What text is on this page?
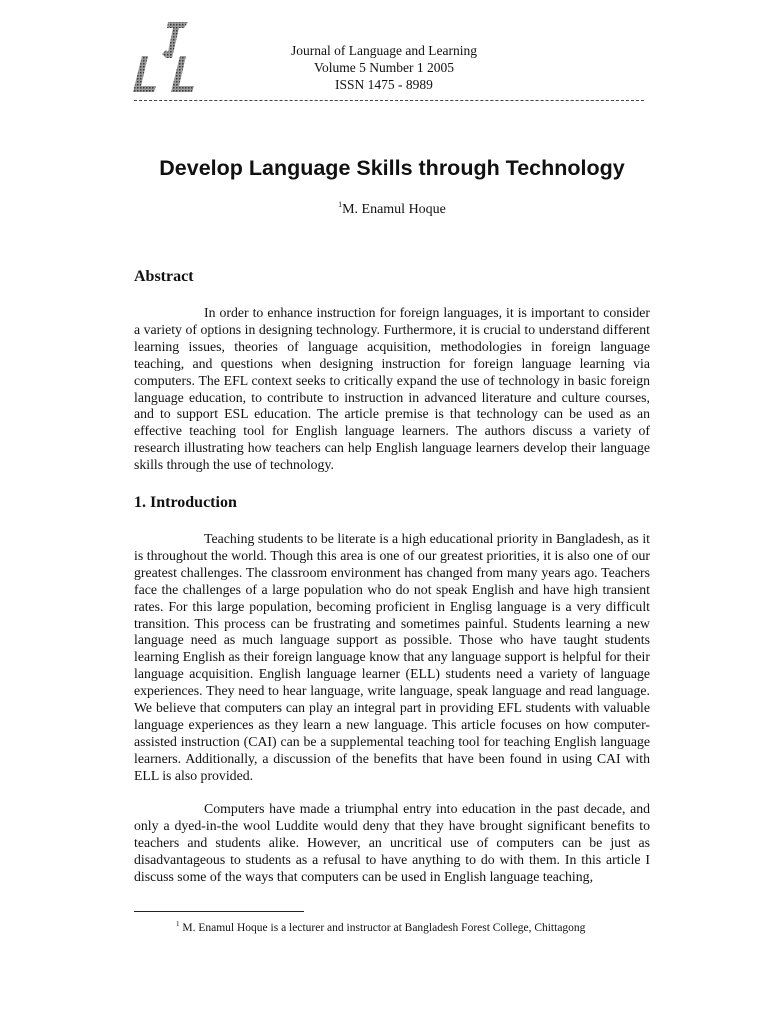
Journal of Language and Learning
Volume 5 Number 1 2005
ISSN 1475 - 8989
Develop Language Skills through Technology
$^1$M. Enamul Hoque
Abstract

In order to enhance instruction for foreign languages, it is important to consider a variety of options in designing technology. Furthermore, it is crucial to understand different learning issues, theories of language acquisition, methodologies in foreign language teaching, and questions when designing instruction for foreign language learning via computers. The EFL context seeks to critically expand the use of technology in basic foreign language education, to contribute to instruction in advanced literature and culture courses, and to support ESL education. The article premise is that technology can be used as an effective teaching tool for English language learners. The authors discuss a variety of research illustrating how teachers can help English language learners develop their language skills through the use of technology.

1. Introduction

Teaching students to be literate is a high educational priority in Bangladesh, as it is throughout the world. Though this area is one of our greatest priorities, it is also one of our greatest challenges. The classroom environment has changed from many years ago. Teachers face the challenges of a large population who do not speak English and have high transient rates. For this large population, becoming proficient in Englisg language is a very difficult transition. This process can be frustrating and sometimes painful. Students learning a new language need as much language support as possible. Those who have taught students learning English as their foreign language know that any language support is helpful for their language acquisition. English language learner (ELL) students need a variety of language experiences. They need to hear language, write language, speak language and read language. We believe that computers can play an integral part in providing EFL students with valuable language experiences as they learn a new language. This article focuses on how computer-assisted instruction (CAI) can be a supplemental teaching tool for teaching English language learners. Additionally, a discussion of the benefits that have been found in using CAI with ELL is also provided.

Computers have made a triumphal entry into education in the past decade, and only a dyed-in-the wool Luddite would deny that they have brought significant benefits to teachers and students alike. However, an uncritical use of computers can be just as disadvantageous to students as a refusal to have anything to do with them. In this article I discuss some of the ways that computers can be used in English language teaching,

$^1$ M. Enamul Hoque is a lecturer and instructor at Bangladesh Forest College, Chittagong
